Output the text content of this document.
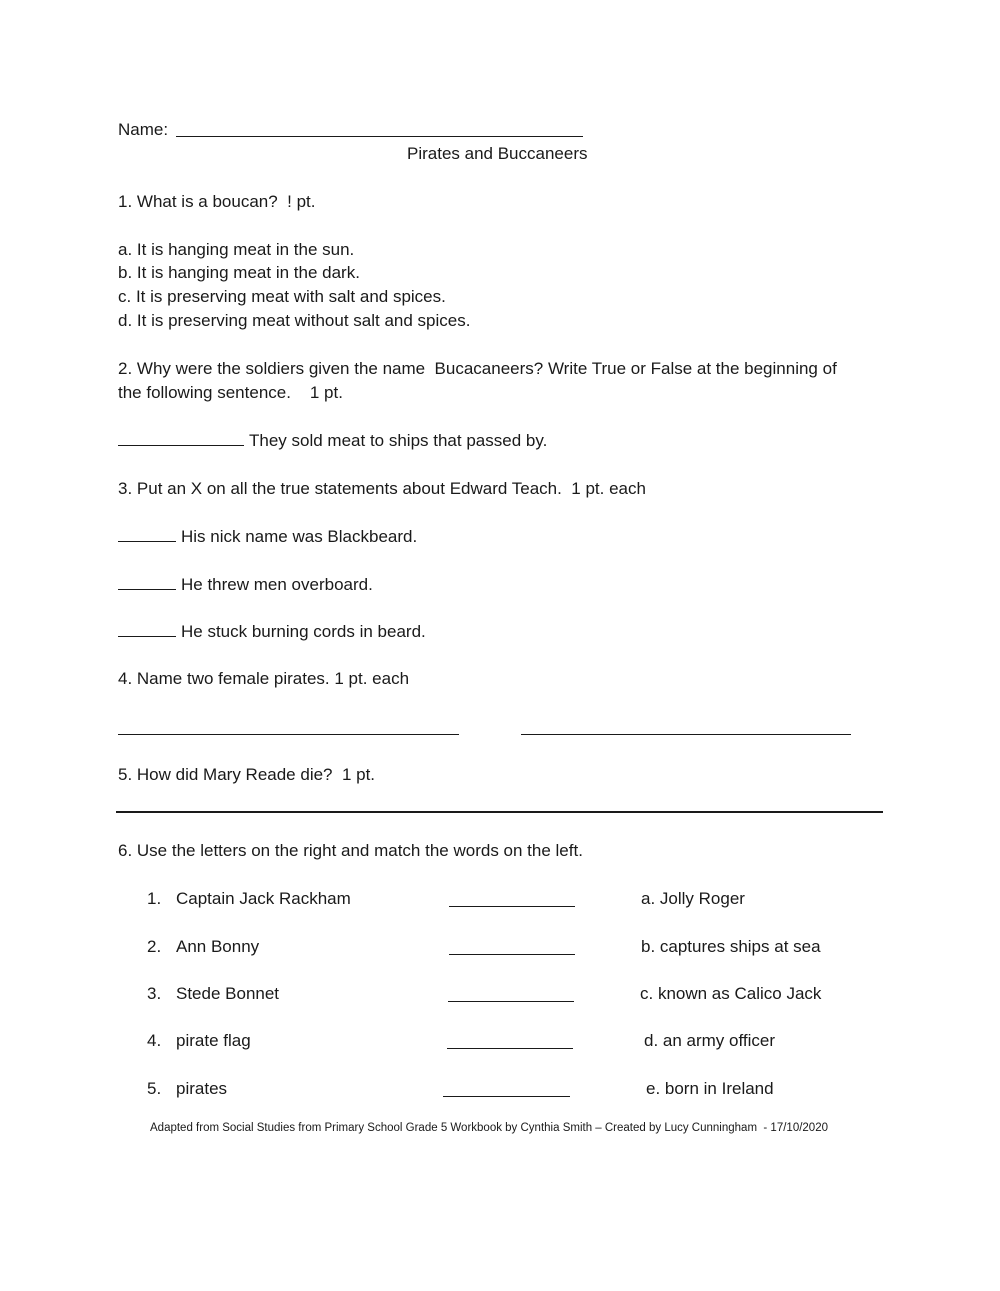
Name:
Pirates and Buccaneers
1. What is a boucan?  ! pt.
a. It is hanging meat in the sun.
b. It is hanging meat in the dark.
c. It is preserving meat with salt and spices.
d. It is preserving meat without salt and spices.
2. Why were the soldiers given the name  Bucacaneers? Write True or False at the beginning of
the following sentence.    1 pt.
They sold meat to ships that passed by.
3. Put an X on all the true statements about Edward Teach.  1 pt. each
His nick name was Blackbeard.
He threw men overboard.
He stuck burning cords in beard.
4. Name two female pirates. 1 pt. each
5. How did Mary Reade die?  1 pt.
6. Use the letters on the right and match the words on the left.
1. Captain Jack Rackham	a. Jolly Roger
2. Ann Bonny	b. captures ships at sea
3. Stede Bonnet	c. known as Calico Jack
4. pirate flag	d. an army officer
5. pirates	e. born in Ireland
Adapted from Social Studies from Primary School Grade 5 Workbook by Cynthia Smith – Created by Lucy Cunningham  - 17/10/2020
